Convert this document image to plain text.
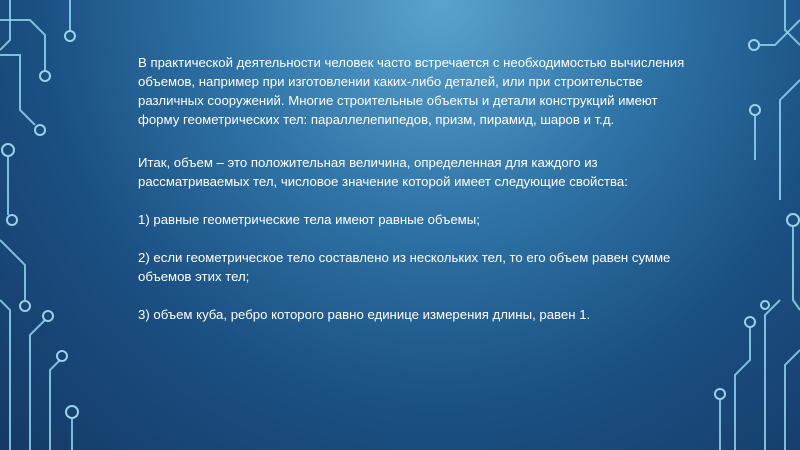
В практической деятельности человек часто встречается с необходимостью вычисления объемов, например при изготовлении каких-либо деталей, или при строительстве различных сооружений. Многие строительные объекты и детали конструкций имеют форму геометрических тел: параллелепипедов, призм, пирамид, шаров и т.д.

Итак, объем – это положительная величина, определенная для каждого из рассматриваемых тел, числовое значение которой имеет следующие свойства:

1) равные геометрические тела имеют равные объемы;

2) если геометрическое тело составлено из нескольких тел, то его объем равен сумме объемов этих тел;

3) объем куба, ребро которого равно единице измерения длины, равен 1.
